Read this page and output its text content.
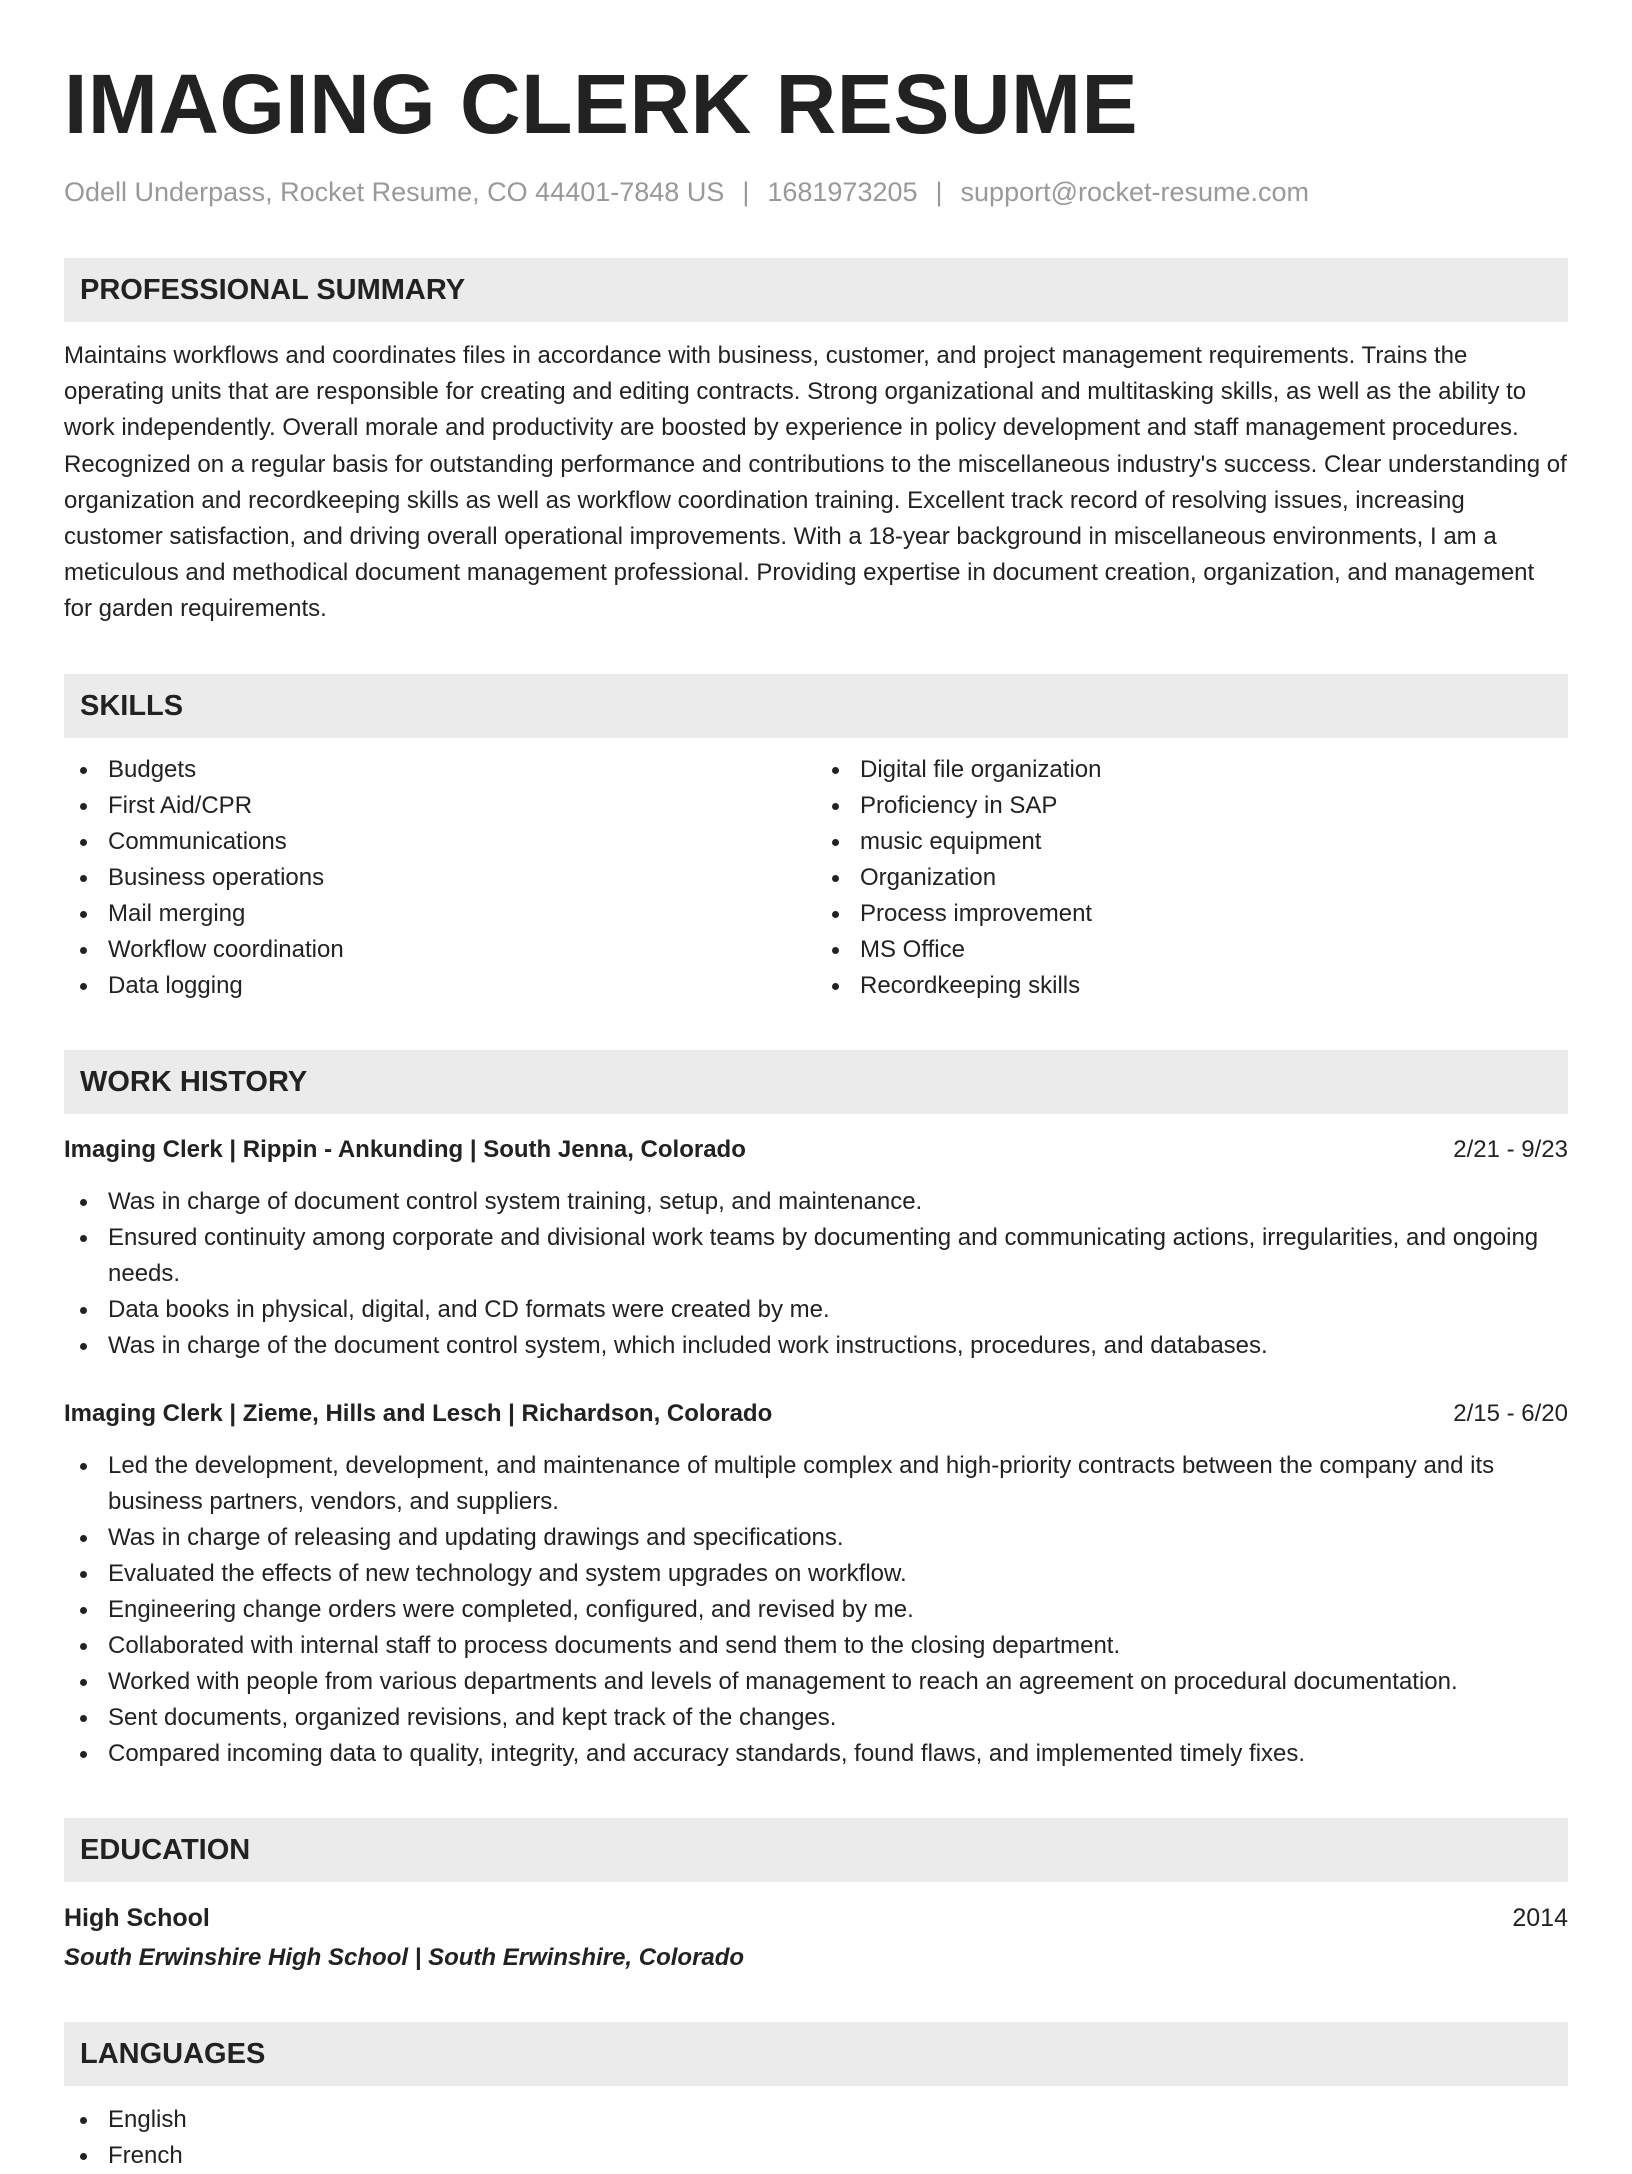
IMAGING CLERK RESUME
Odell Underpass, Rocket Resume, CO 44401-7848 US | 1681973205 | support@rocket-resume.com
PROFESSIONAL SUMMARY

Maintains workflows and coordinates files in accordance with business, customer, and project management requirements. Trains the operating units that are responsible for creating and editing contracts. Strong organizational and multitasking skills, as well as the ability to work independently. Overall morale and productivity are boosted by experience in policy development and staff management procedures. Recognized on a regular basis for outstanding performance and contributions to the miscellaneous industry's success. Clear understanding of organization and recordkeeping skills as well as workflow coordination training. Excellent track record of resolving issues, increasing customer satisfaction, and driving overall operational improvements. With a 18-year background in miscellaneous environments, I am a meticulous and methodical document management professional. Providing expertise in document creation, organization, and management for garden requirements.

SKILLS
Budgets
First Aid/CPR
Communications
Business operations
Mail merging
Workflow coordination
Data logging
Digital file organization
Proficiency in SAP
music equipment
Organization
Process improvement
MS Office
Recordkeeping skills
WORK HISTORY
Imaging Clerk | Rippin - Ankunding | South Jenna, Colorado	2/21 - 9/23
Was in charge of document control system training, setup, and maintenance.
Ensured continuity among corporate and divisional work teams by documenting and communicating actions, irregularities, and ongoing needs.
Data books in physical, digital, and CD formats were created by me.
Was in charge of the document control system, which included work instructions, procedures, and databases.
Imaging Clerk | Zieme, Hills and Lesch | Richardson, Colorado	2/15 - 6/20
Led the development, development, and maintenance of multiple complex and high-priority contracts between the company and its business partners, vendors, and suppliers.
Was in charge of releasing and updating drawings and specifications.
Evaluated the effects of new technology and system upgrades on workflow.
Engineering change orders were completed, configured, and revised by me.
Collaborated with internal staff to process documents and send them to the closing department.
Worked with people from various departments and levels of management to reach an agreement on procedural documentation.
Sent documents, organized revisions, and kept track of the changes.
Compared incoming data to quality, integrity, and accuracy standards, found flaws, and implemented timely fixes.
EDUCATION
High School	2014
South Erwinshire High School | South Erwinshire, Colorado
LANGUAGES
English
French
